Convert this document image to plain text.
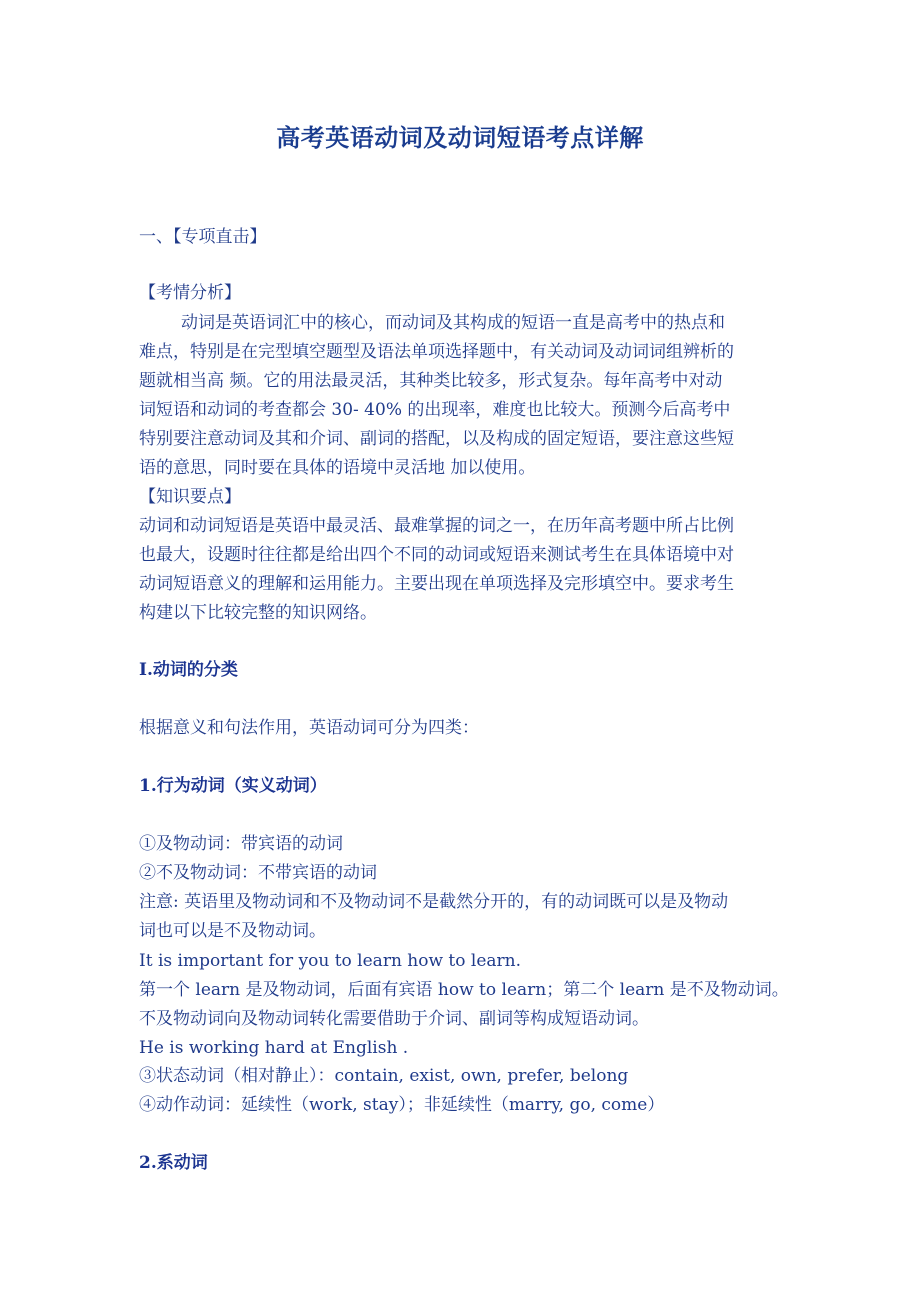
高考英语动词及动词短语考点详解
一、【专项直击】
【考情分析】
动词是英语词汇中的核心，而动词及其构成的短语一直是高考中的热点和
难点，特别是在完型填空题型及语法单项选择题中，有关动词及动词词组辨析的
题就相当高 频。它的用法最灵活，其种类比较多，形式复杂。每年高考中对动
词短语和动词的考查都会 30- 40% 的出现率，难度也比较大。预测今后高考中
特别要注意动词及其和介词、副词的搭配，以及构成的固定短语，要注意这些短
语的意思，同时要在具体的语境中灵活地 加以使用。
【知识要点】
动词和动词短语是英语中最灵活、最难掌握的词之一，在历年高考题中所占比例
也最大，设题时往往都是给出四个不同的动词或短语来测试考生在具体语境中对
动词短语意义的理解和运用能力。主要出现在单项选择及完形填空中。要求考生
构建以下比较完整的知识网络。
I.动词的分类
根据意义和句法作用，英语动词可分为四类：
1.行为动词（实义动词）
①及物动词：带宾语的动词
②不及物动词：不带宾语的动词
注意: 英语里及物动词和不及物动词不是截然分开的，有的动词既可以是及物动
词也可以是不及物动词。
It is important for you to learn how to learn.
第一个 learn 是及物动词，后面有宾语 how to learn；第二个 learn 是不及物动词。
不及物动词向及物动词转化需要借助于介词、副词等构成短语动词。
He is working hard at English .
③状态动词（相对静止）：contain, exist, own, prefer, belong
④动作动词：延续性（work, stay）；非延续性（marry, go, come）
2.系动词
